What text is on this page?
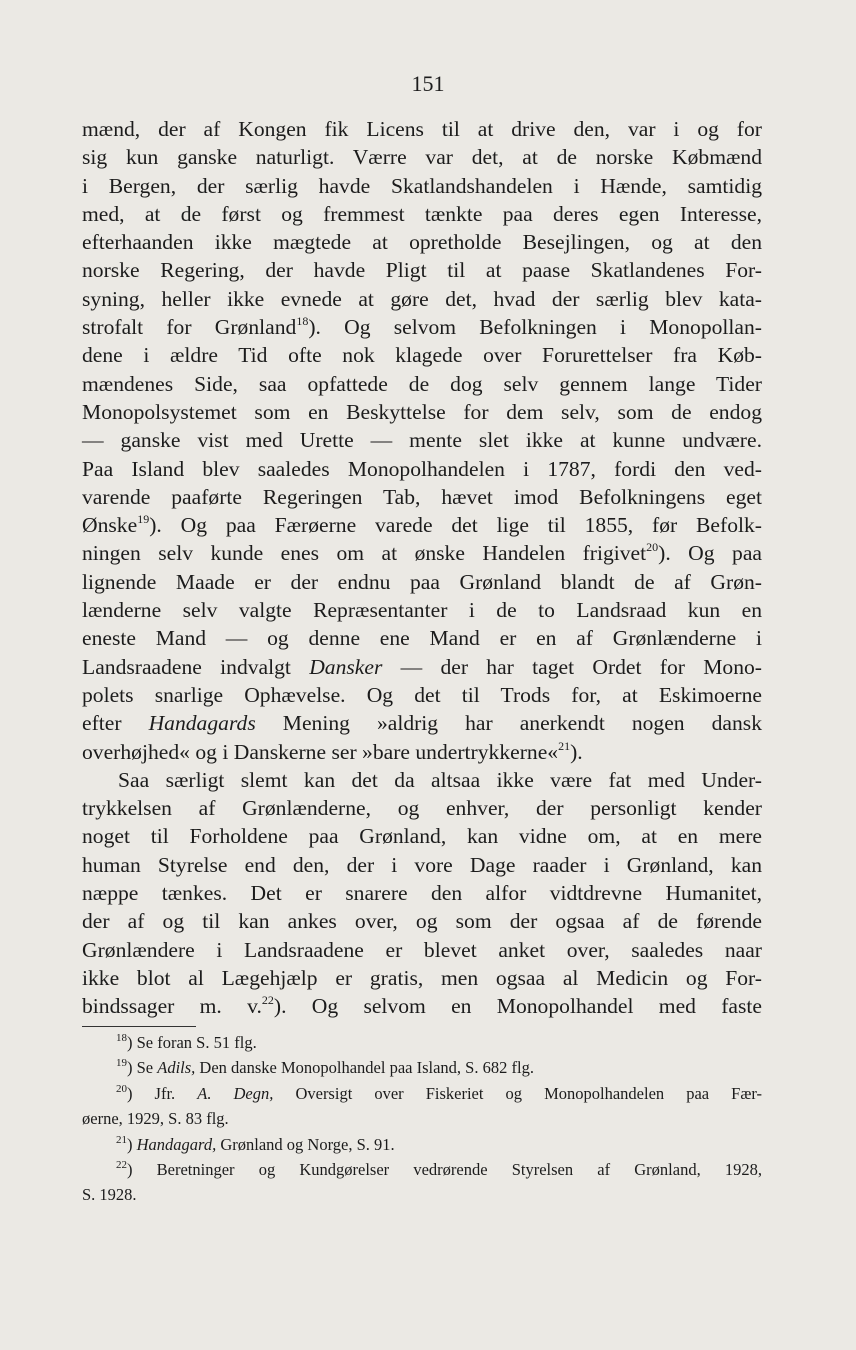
151
mænd, der af Kongen fik Licens til at drive den, var i og for
sig kun ganske naturligt. Værre var det, at de norske Købmænd
i Bergen, der særlig havde Skatlandshandelen i Hænde, samtidig
med, at de først og fremmest tænkte paa deres egen Interesse,
efterhaanden ikke mægtede at opretholde Besejlingen, og at den
norske Regering, der havde Pligt til at paase Skatlandenes For-
syning, heller ikke evnede at gøre det, hvad der særlig blev kata-
strofalt for Grønland$^{18}$). Og selvom Befolkningen i Monopollan-
dene i ældre Tid ofte nok klagede over Forurettelser fra Køb-
mændenes Side, saa opfattede de dog selv gennem lange Tider
Monopolsystemet som en Beskyttelse for dem selv, som de endog
— ganske vist med Urette — mente slet ikke at kunne undvære.
Paa Island blev saaledes Monopolhandelen i 1787, fordi den ved-
varende paaførte Regeringen Tab, hævet imod Befolkningens eget
Ønske$^{19}$). Og paa Færøerne varede det lige til 1855, før Befolk-
ningen selv kunde enes om at ønske Handelen frigivet$^{20}$). Og paa
lignende Maade er der endnu paa Grønland blandt de af Grøn-
lænderne selv valgte Repræsentanter i de to Landsraad kun en
eneste Mand — og denne ene Mand er en af Grønlænderne i
Landsraadene indvalgt Dansker — der har taget Ordet for Mono-
polets snarlige Ophævelse. Og det til Trods for, at Eskimoerne
efter Handagards Mening »aldrig har anerkendt nogen dansk
overhøjhed« og i Danskerne ser »bare undertrykkerne«$^{21}$).
Saa særligt slemt kan det da altsaa ikke være fat med Under-
trykkelsen af Grønlænderne, og enhver, der personligt kender
noget til Forholdene paa Grønland, kan vidne om, at en mere
human Styrelse end den, der i vore Dage raader i Grønland, kan
næppe tænkes. Det er snarere den alfor vidtdrevne Humanitet,
der af og til kan ankes over, og som der ogsaa af de førende
Grønlændere i Landsraadene er blevet anket over, saaledes naar
ikke blot al Lægehjælp er gratis, men ogsaa al Medicin og For-
bindssager m. v.$^{22}$). Og selvom en Monopolhandel med faste
$^{18}$) Se foran S. 51 flg.
$^{19}$) Se Adils, Den danske Monopolhandel paa Island, S. 682 flg.
$^{20}$) Jfr. A. Degn, Oversigt over Fiskeriet og Monopolhandelen paa Fær-
øerne, 1929, S. 83 flg.
$^{21}$) Handagard, Grønland og Norge, S. 91.
$^{22}$) Beretninger og Kundgørelser vedrørende Styrelsen af Grønland, 1928,
S. 1928.
